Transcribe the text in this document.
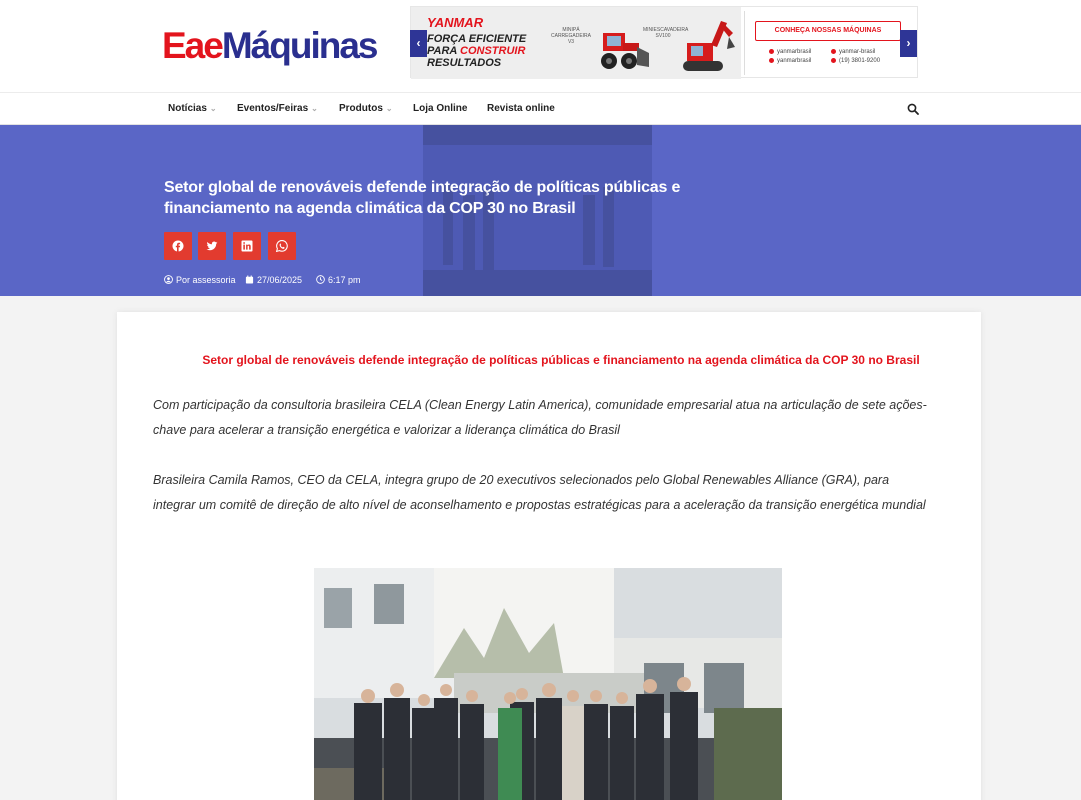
EaeMáquinas
YANMAR
FORÇA EFICIENTE
PARA CONSTRUIR
RESULTADOS
MINIPÁ CARREGADEIRA V3
MINIESCAVADEIRA SV100
CONHEÇA NOSSAS MÁQUINAS
yanmarbrasil	yanmar-brasil
yanmarbrasil	(19) 3801-9200
‹	›
Notícias ⌄ Eventos/Feiras ⌄ Produtos ⌄ Loja Online Revista online
Setor global de renováveis defende integração de políticas públicas e financiamento na agenda climática da COP 30 no Brasil
Por assessoria	27/06/2025	6:17 pm
Setor global de renováveis defende integração de políticas públicas e financiamento na agenda climática da COP 30 no Brasil
Com participação da consultoria brasileira CELA (Clean Energy Latin America), comunidade empresarial atua na articulação de sete ações-chave para acelerar a transição energética e valorizar a liderança climática do Brasil
Brasileira Camila Ramos, CEO da CELA, integra grupo de 20 executivos selecionados pelo Global Renewables Alliance (GRA), para integrar um comitê de direção de alto nível de aconselhamento e propostas estratégicas para a aceleração da transição energética mundial
